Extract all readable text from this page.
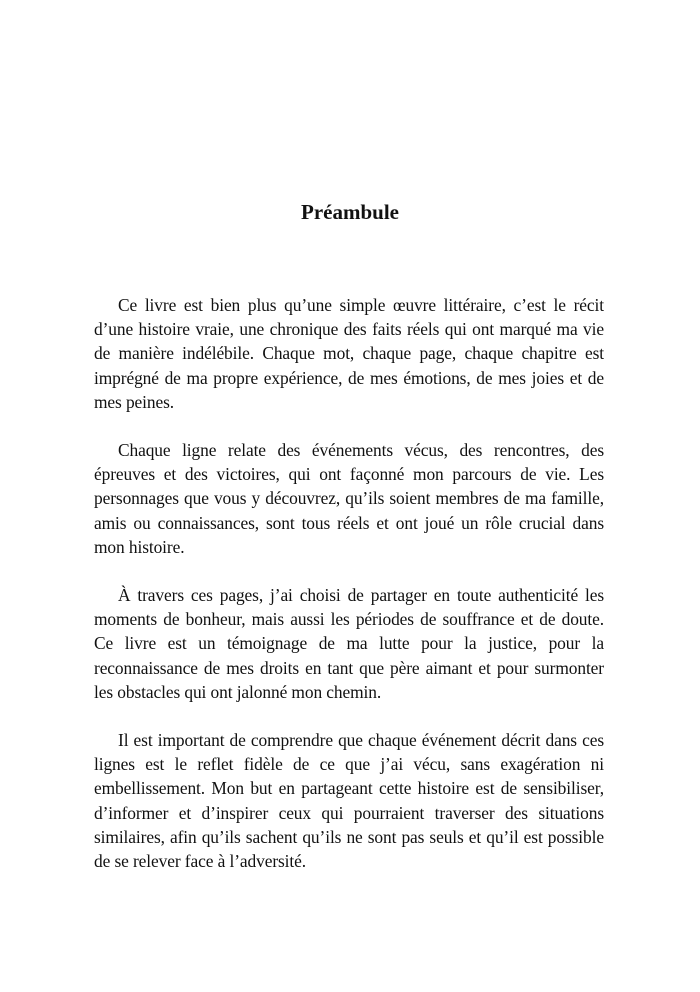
Préambule

Ce livre est bien plus qu’une simple œuvre littéraire, c’est le récit d’une histoire vraie, une chronique des faits réels qui ont marqué ma vie de manière indélébile. Chaque mot, chaque page, chaque chapitre est imprégné de ma propre expérience, de mes émotions, de mes joies et de mes peines.

Chaque ligne relate des événements vécus, des rencontres, des épreuves et des victoires, qui ont façonné mon parcours de vie. Les personnages que vous y découvrez, qu’ils soient membres de ma famille, amis ou connaissances, sont tous réels et ont joué un rôle crucial dans mon histoire.

À travers ces pages, j’ai choisi de partager en toute authenticité les moments de bonheur, mais aussi les périodes de souffrance et de doute. Ce livre est un témoignage de ma lutte pour la justice, pour la reconnaissance de mes droits en tant que père aimant et pour surmonter les obstacles qui ont jalonné mon chemin.

Il est important de comprendre que chaque événement décrit dans ces lignes est le reflet fidèle de ce que j’ai vécu, sans exagération ni embellissement. Mon but en partageant cette histoire est de sensibiliser, d’informer et d’inspirer ceux qui pourraient traverser des situations similaires, afin qu’ils sachent qu’ils ne sont pas seuls et qu’il est possible de se relever face à l’adversité.
